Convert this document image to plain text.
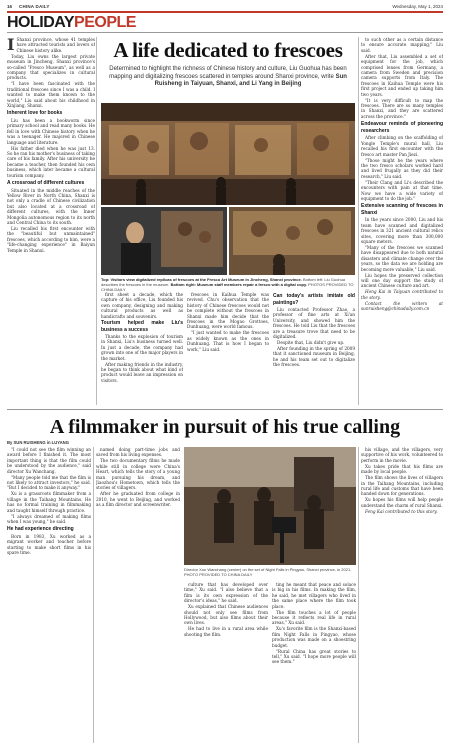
16 CHINA DAILY	Wednesday, May 1, 2024
HOLIDAYPEOPLE

I Shanxi province, whose 41 temples have attracted tourists and lovers of Chinese history alike.

Today, Liu owns the largest private museum in Jincheng, Shanxi province's so-called "Fresco Museum", as well as a company that specializes in cultural products.

"I have been fascinated with the traditional frescoes since I was a child. I wanted to make them known to the world," Liu said about his childhood in Xinjiang, Shanxi.

Inherent love for books

Liu has been a bookworm since primary school and read many books. He fell in love with Chinese history when he was a teenager. He majored in Chinese language and literature.

His father died when he was just 13. So he ran his mother's business of taking care of his family. After his university he became a teacher, then founded his own business, which later became a cultural tourism company.

A crossroad of different cultures

Situated in the middle reaches of the Yellow River in North China, Shanxi is not only a cradle of Chinese civilization but also located at a crossroad of different cultures, with the Inner Mongolia autonomous region to its north and Central China to its south.

Liu recalled his first encounter with the "beautiful but unmaintained" frescoes, which according to him, were a "life-changing experience" in Baiyun Temple in Shanxi.

A life dedicated to frescoes
Determined to highlight the richness of Chinese history and culture, Liu Guohua has been mapping and digitalizing frescoes scattered in temples around Shanxi province, write Sun Ruisheng in Taiyuan, Shanxi, and Li Yang in Beijing
Top: Visitors view digitalized replicas of frescoes at the Fresco Art Museum in Jincheng, Shanxi province. Bottom left: Liu Guohua describes the frescoes in the museum. Bottom right: Museum staff members repair a fresco with a digital copy. PHOTOS PROVIDED TO CHINA DAILY

first sheet a decade, which the capture of his office, Liu founded his own company, designing and making cultural products as well as handicrafts and souvenirs.

Tourism helped make Liu's business a success

Thanks to the explosion of tourism in Shanxi, Liu's business turned well. In just a decade, the company had grown into one of the major players in the market.

After making friends in the industry, he began to think about what kind of product would leave an impression on visitors.

frescoes in Kaihua Temple was revived. Chu's observation that the history of Chinese frescoes would not be complete without the frescoes in Shanxi made him decide that the frescoes in the Mogao Grottoes, Dunhuang, were world famous.

"I just wanted to make the frescoes as widely known as the ones in Dunhuang. That is how I began to work," Liu said.

Can today's artists imitate old paintings?

Liu contacted Professor Zhao, a professor of fine arts at Xi'an University, and showed him the frescoes. He told Liu that the frescoes are a treasure trove that need to be digitalized.

Despite that, Liu didn't give up.

After founding in the spring of 2009 that it sanctioned museum in Beijing, he and his team set out to digitalize the frescoes.

to such other as a certain distance to ensure accurate mapping," Liu said.

After that, Liu assembled a set of equipment for the job, which comprised lenses from Germany, a camera from Sweden and precision camera supports from Italy. The frescoes in Kaihua Temple were his first project and ended up taking him two years.

"It is very difficult to map the frescoes. There are so many temples in Shanxi, and they are scattered across the province."

Endeavour reminds of pioneering researchers

After climbing on the scaffolding of Yongle Temple's mural hall, Liu recalled his first encounter with the fresco art master Pan Jiezi.

"Those might be the years where the two fresco scholars worked hard and lived frugally as they did their research," Liu said.

"Their Clang and Li's described the encounters with pain at that time. Now we have a wide variety of equipment to do the job."

Extensive scanning of frescoes in Shanxi

In the years since 2000, Liu and his team have scanned and digitalized frescoes in 321 ancient cultural relics sites, covering more than 300,000 square meters.

"Many of the frescoes we scanned have disappeared due to both natural disasters and climate change over the years, so the data we are holding are becoming more valuable," Liu said.

Liu hopes the preserved collection will one day support the study of ancient Chinese culture and art.

Hong Kai in Taiyuan contributed to the story.

Contact the writers at sunruisheng@chinadaily.com.cn

A filmmaker in pursuit of his true calling
By SUN RUISHENG in LUYANG

"I could not see the film winning an award before I finished it. The most important thing is that the film could be understood by the audience," said director Xu Wanchang.

"Many people told me that the film is not likely to attract investors," he said. "But I decided to make it anyway."

Xu is a grassroots filmmaker from a village in the Taihang Mountains. He has no formal training in filmmaking and taught himself through practice.

"I always dreamed of making films when I was young," he said.

He had experience directing

Born in 1983, Xu worked as a migrant worker and teacher before starting to make short films in his spare time.

named doing part-time jobs and saved from his living expenses.

The two documentary films he made while still in college were China's Heart, which tells the story of a young man pursuing his dream, and Jiaozhou's Hometown, which tells the stories of villagers.

After he graduated from college in 2010, he went to Beijing, and worked as a film director and screenwriter.

Director Xun Wanchang (center) on the set of Night Falls in Pingyao, Shanxi province, in 2021. PHOTO PROVIDED TO CHINA DAILY

culture that has developed over time," Xu said. "I also believe that a film is its own expression of the director's ideas," he said.

Xu explained that Chinese audiences should not only see films from Hollywood, but also films about their own lives.

He had to live in a rural area while shooting the film.

ting he meant that peace and solace is big in his films. In making the film, he said, he met villagers who lived in the same place where the film took place.

The film touches a lot of people because it reflects real life in rural areas," Xu said.

Xu's favorite film is the Shanxi-based film Night Falls in Pingyao, whose production was made on a shoestring budget.

"Rural China has great stories to tell," Xu said. "I hope more people will see them."

his village, and the villagers, very supportive of his work, volunteered to perform in the movie.

Xu takes pride that his films are made by local people.

The film shows the lives of villagers in the Taihang Mountains, including rural life and customs that have been handed down for generations.

Xu hopes his films will help people understand the charm of rural Shanxi.

Feng Kai contributed to this story.
